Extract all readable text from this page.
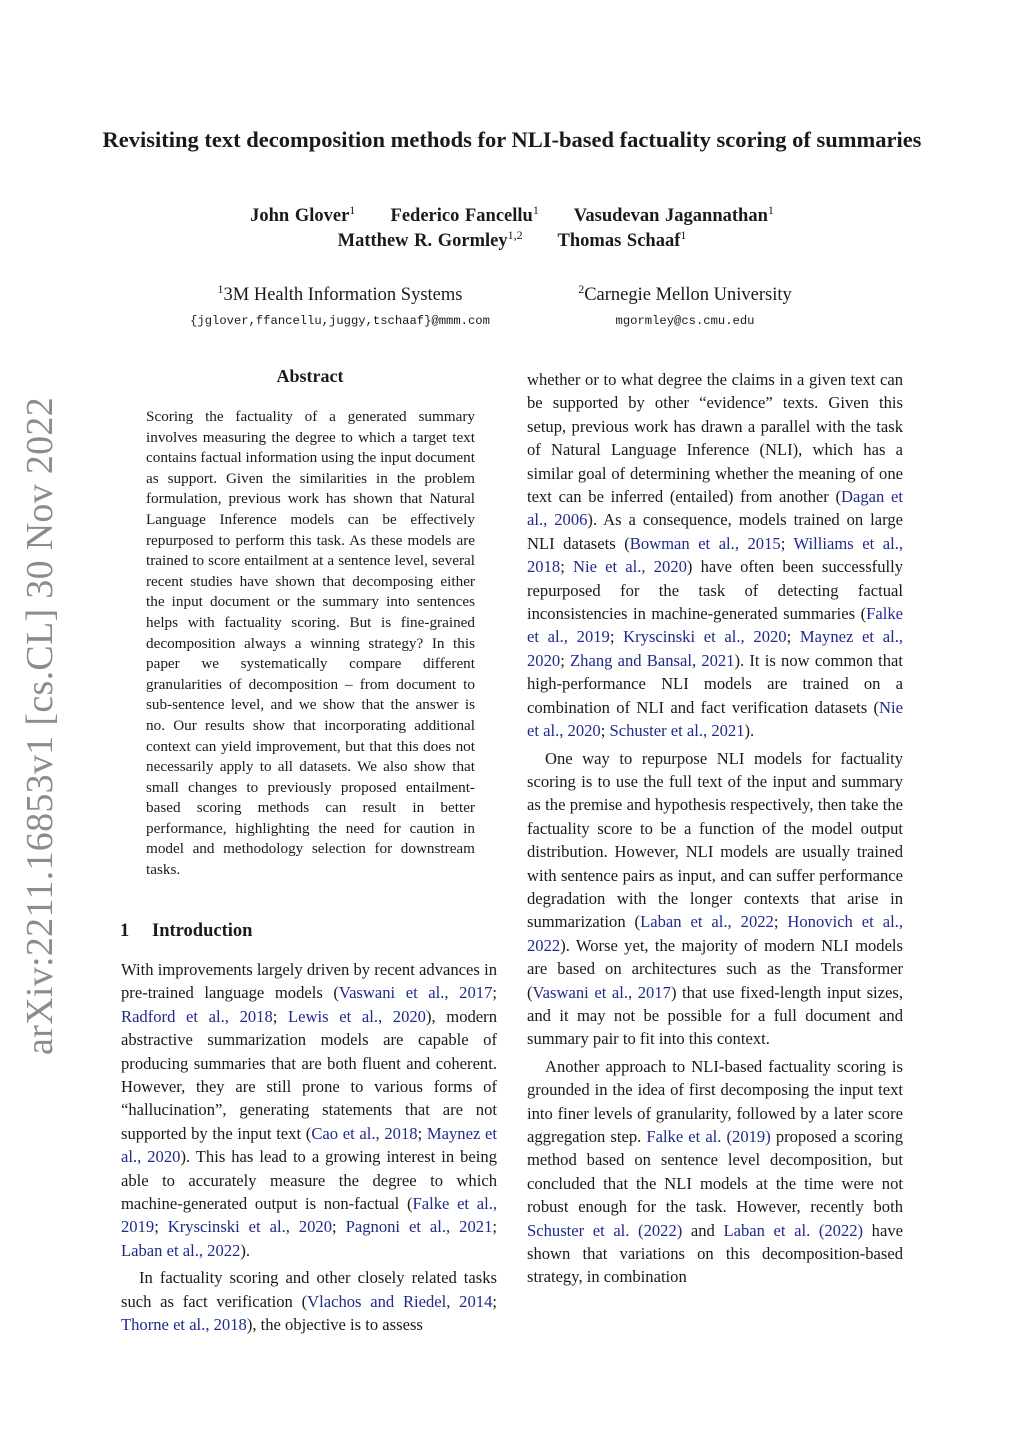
arXiv:2211.16853v1 [cs.CL] 30 Nov 2022
Revisiting text decomposition methods for NLI-based factuality scoring of summaries
John Glover$^1$ Federico Fancellu$^1$ Vasudevan Jagannathan$^1$
Matthew R. Gormley$^{1,2}$ Thomas Schaaf$^1$
$^1$3M Health Information Systems
{jglover,ffancellu,juggy,tschaaf}@mmm.com
$^2$Carnegie Mellon University
mgormley@cs.cmu.edu
Abstract
Scoring the factuality of a generated summary involves measuring the degree to which a target text contains factual information using the input document as support. Given the similarities in the problem formulation, previous work has shown that Natural Language Inference models can be effectively repurposed to perform this task. As these models are trained to score entailment at a sentence level, several recent studies have shown that decomposing either the input document or the summary into sentences helps with factuality scoring. But is fine-grained decomposition always a winning strategy? In this paper we systematically compare different granularities of decomposition – from document to sub-sentence level, and we show that the answer is no. Our results show that incorporating additional context can yield improvement, but that this does not necessarily apply to all datasets. We also show that small changes to previously proposed entailment-based scoring methods can result in better performance, highlighting the need for caution in model and methodology selection for downstream tasks.
1 Introduction

With improvements largely driven by recent advances in pre-trained language models (Vaswani et al., 2017; Radford et al., 2018; Lewis et al., 2020), modern abstractive summarization models are capable of producing summaries that are both fluent and coherent. However, they are still prone to various forms of “hallucination”, generating statements that are not supported by the input text (Cao et al., 2018; Maynez et al., 2020). This has lead to a growing interest in being able to accurately measure the degree to which machine-generated output is non-factual (Falke et al., 2019; Kryscinski et al., 2020; Pagnoni et al., 2021; Laban et al., 2022).

In factuality scoring and other closely related tasks such as fact verification (Vlachos and Riedel, 2014; Thorne et al., 2018), the objective is to assess

whether or to what degree the claims in a given text can be supported by other “evidence” texts. Given this setup, previous work has drawn a parallel with the task of Natural Language Inference (NLI), which has a similar goal of determining whether the meaning of one text can be inferred (entailed) from another (Dagan et al., 2006). As a consequence, models trained on large NLI datasets (Bowman et al., 2015; Williams et al., 2018; Nie et al., 2020) have often been successfully repurposed for the task of detecting factual inconsistencies in machine-generated summaries (Falke et al., 2019; Kryscinski et al., 2020; Maynez et al., 2020; Zhang and Bansal, 2021). It is now common that high-performance NLI models are trained on a combination of NLI and fact verification datasets (Nie et al., 2020; Schuster et al., 2021).

One way to repurpose NLI models for factuality scoring is to use the full text of the input and summary as the premise and hypothesis respectively, then take the factuality score to be a function of the model output distribution. However, NLI models are usually trained with sentence pairs as input, and can suffer performance degradation with the longer contexts that arise in summarization (Laban et al., 2022; Honovich et al., 2022). Worse yet, the majority of modern NLI models are based on architectures such as the Transformer (Vaswani et al., 2017) that use fixed-length input sizes, and it may not be possible for a full document and summary pair to fit into this context.

Another approach to NLI-based factuality scoring is grounded in the idea of first decomposing the input text into finer levels of granularity, followed by a later score aggregation step. Falke et al. (2019) proposed a scoring method based on sentence level decomposition, but concluded that the NLI models at the time were not robust enough for the task. However, recently both Schuster et al. (2022) and Laban et al. (2022) have shown that variations on this decomposition-based strategy, in combination
